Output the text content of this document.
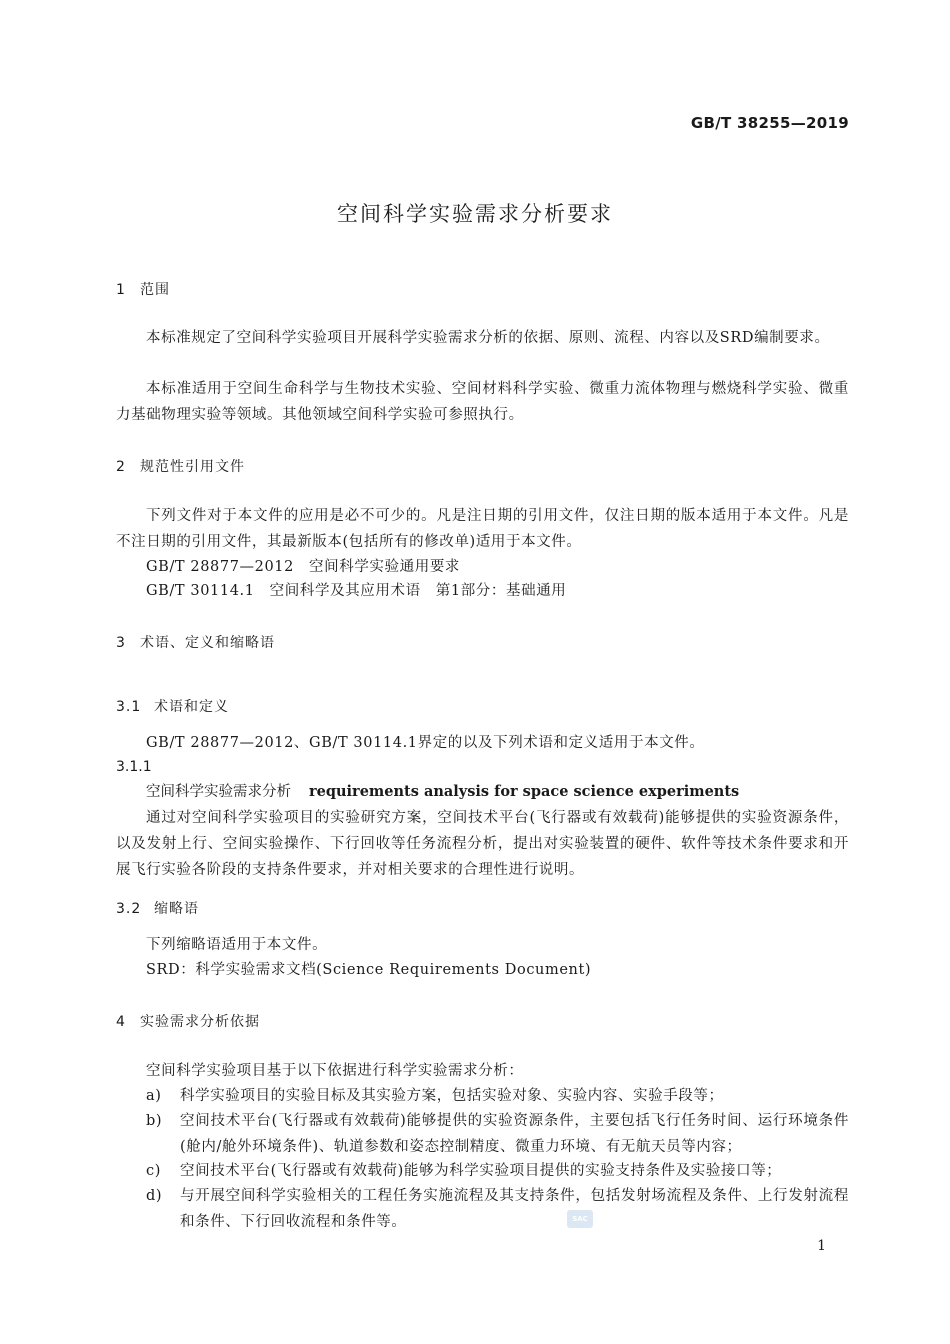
GB/T 38255—2019
空间科学实验需求分析要求
1 范围
本标准规定了空间科学实验项目开展科学实验需求分析的依据、原则、流程、内容以及SRD编制要求。
本标准适用于空间生命科学与生物技术实验、空间材料科学实验、微重力流体物理与燃烧科学实验、微重力基础物理实验等领域。其他领域空间科学实验可参照执行。
2 规范性引用文件
下列文件对于本文件的应用是必不可少的。凡是注日期的引用文件，仅注日期的版本适用于本文件。凡是不注日期的引用文件，其最新版本(包括所有的修改单)适用于本文件。
GB/T 28877—2012　空间科学实验通用要求
GB/T 30114.1　空间科学及其应用术语　第1部分：基础通用
3 术语、定义和缩略语
3.1 术语和定义
GB/T 28877—2012、GB/T 30114.1界定的以及下列术语和定义适用于本文件。
3.1.1
空间科学实验需求分析 requirements analysis for space science experiments
通过对空间科学实验项目的实验研究方案，空间技术平台(飞行器或有效载荷)能够提供的实验资源条件，以及发射上行、空间实验操作、下行回收等任务流程分析，提出对实验装置的硬件、软件等技术条件要求和开展飞行实验各阶段的支持条件要求，并对相关要求的合理性进行说明。
3.2 缩略语
下列缩略语适用于本文件。
SRD：科学实验需求文档(Science Requirements Document)
4 实验需求分析依据
空间科学实验项目基于以下依据进行科学实验需求分析：
a) 科学实验项目的实验目标及其实验方案，包括实验对象、实验内容、实验手段等；
b) 空间技术平台(飞行器或有效载荷)能够提供的实验资源条件，主要包括飞行任务时间、运行环境条件(舱内/舱外环境条件)、轨道参数和姿态控制精度、微重力环境、有无航天员等内容；
c) 空间技术平台(飞行器或有效载荷)能够为科学实验项目提供的实验支持条件及实验接口等；
d) 与开展空间科学实验相关的工程任务实施流程及其支持条件，包括发射场流程及条件、上行发射流程和条件、下行回收流程和条件等。	SAC
1
